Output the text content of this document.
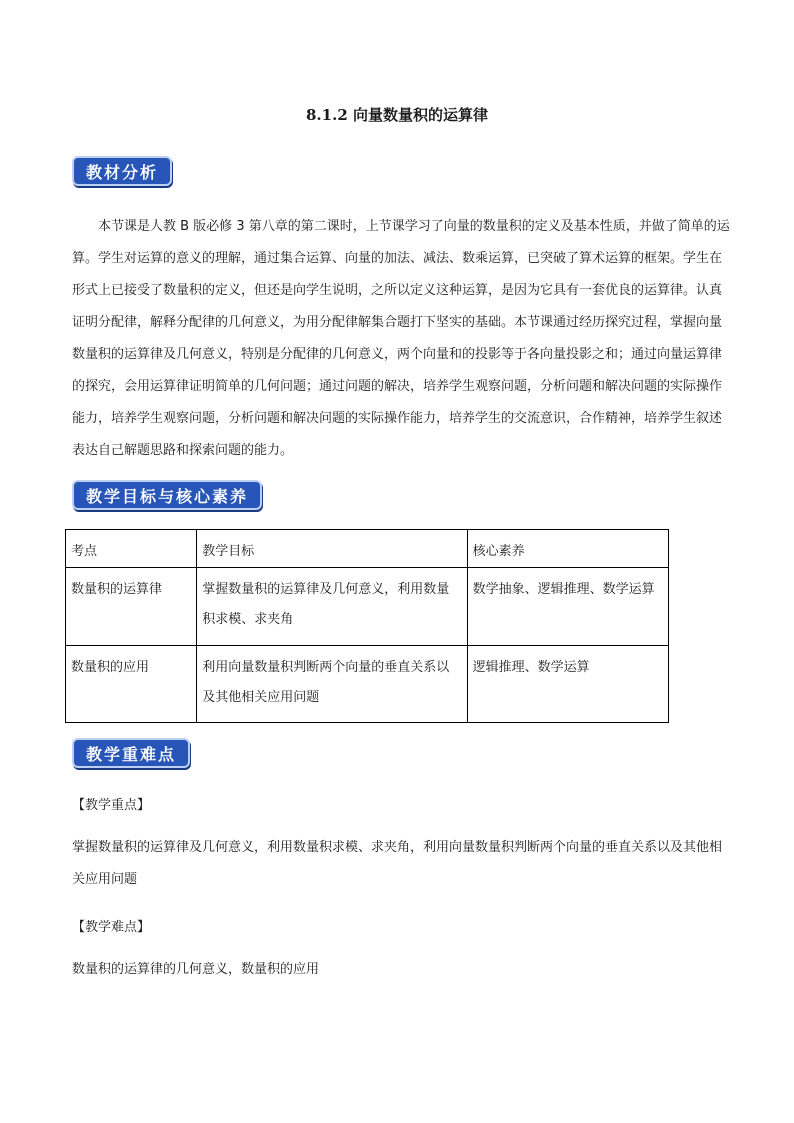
8.1.2 向量数量积的运算律
教材分析

本节课是人教 B 版必修 3 第八章的第二课时，上节课学习了向量的数量积的定义及基本性质，并做了简单的运算。学生对运算的意义的理解，通过集合运算、向量的加法、减法、数乘运算，已突破了算术运算的框架。学生在形式上已接受了数量积的定义，但还是向学生说明，之所以定义这种运算，是因为它具有一套优良的运算律。认真证明分配律，解释分配律的几何意义，为用分配律解集合题打下坚实的基础。本节课通过经历探究过程，掌握向量数量积的运算律及几何意义，特别是分配律的几何意义，两个向量和的投影等于各向量投影之和；通过向量运算律的探究，会用运算律证明简单的几何问题；通过问题的解决，培养学生观察问题，分析问题和解决问题的实际操作能力，培养学生观察问题，分析问题和解决问题的实际操作能力，培养学生的交流意识，合作精神，培养学生叙述表达自己解题思路和探索问题的能力。

教学目标与核心素养
考点	教学目标	核心素养
数量积的运算律	掌握数量积的运算律及几何意义，利用数量积求模、求夹角	数学抽象、逻辑推理、数学运算
数量积的应用	利用向量数量积判断两个向量的垂直关系以及其他相关应用问题	逻辑推理、数学运算
教学重难点
【教学重点】

掌握数量积的运算律及几何意义，利用数量积求模、求夹角，利用向量数量积判断两个向量的垂直关系以及其他相关应用问题

【教学难点】

数量积的运算律的几何意义，数量积的应用
